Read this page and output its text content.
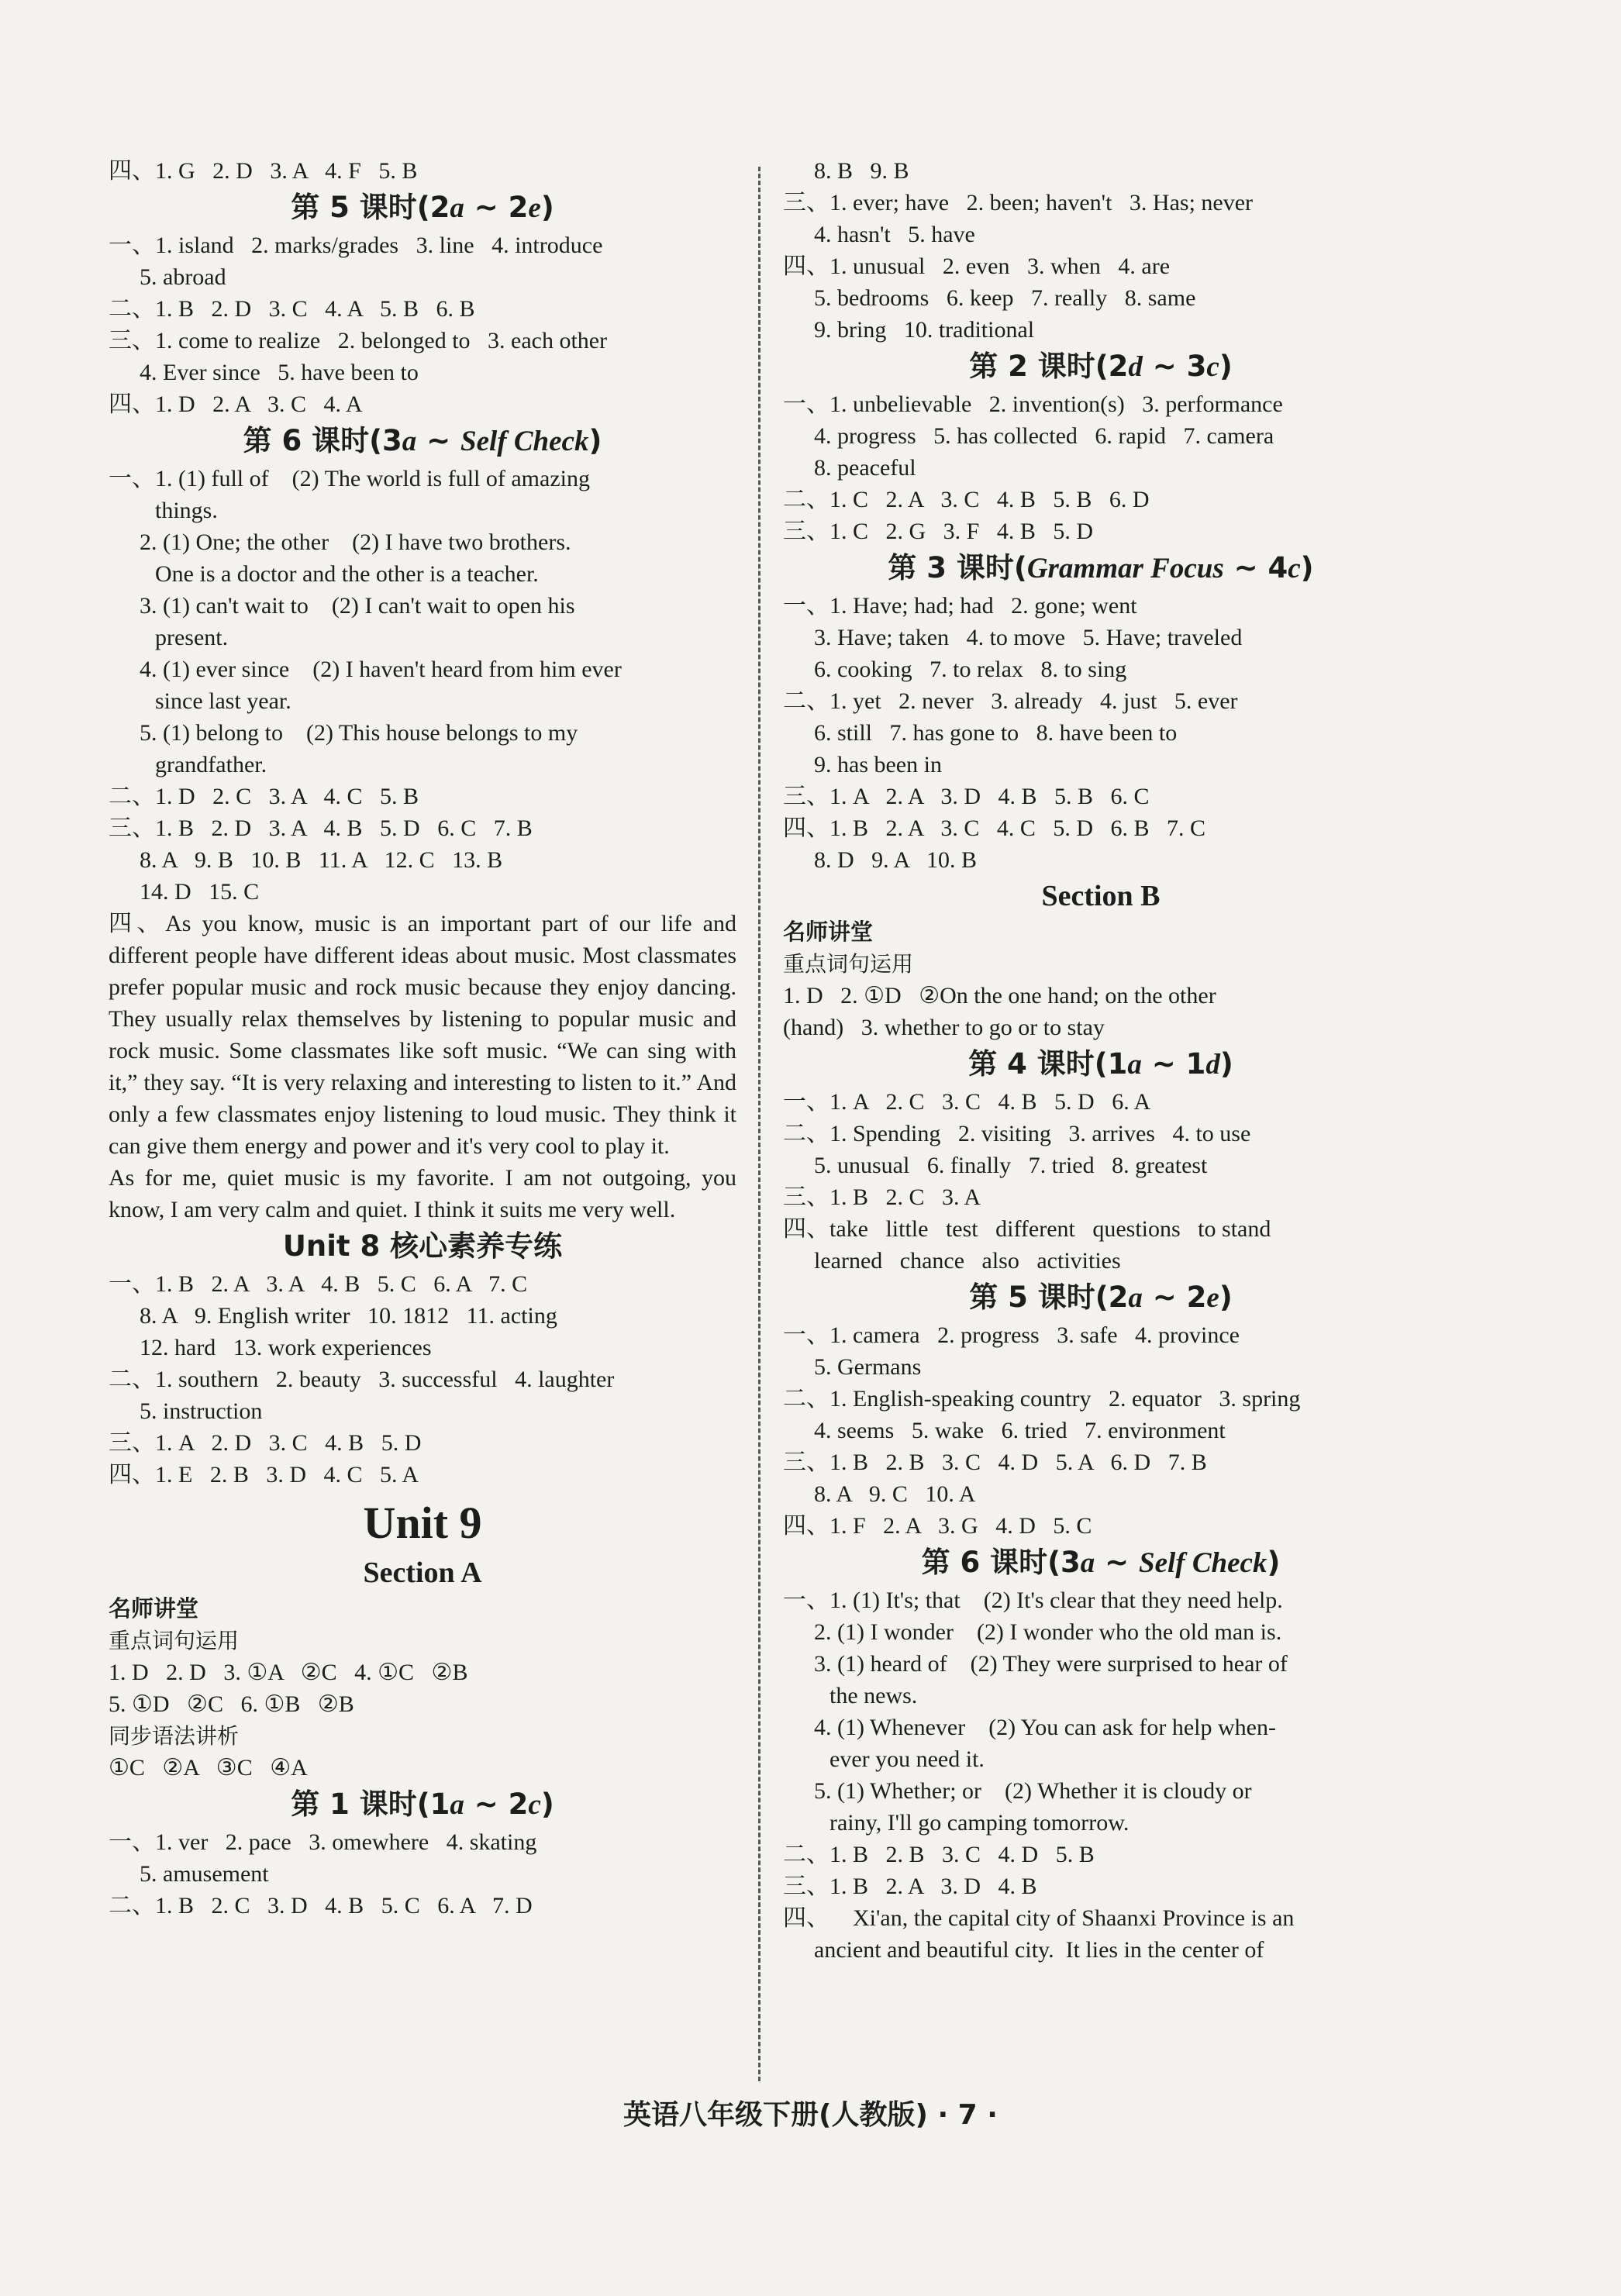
四、1. G   2. D   3. A   4. F   5. B
第 5 课时(2a ~ 2e)
一、1. island   2. marks/grades   3. line   4. introduce
5. abroad
二、1. B   2. D   3. C   4. A   5. B   6. B
三、1. come to realize   2. belonged to   3. each other
4. Ever since   5. have been to
四、1. D   2. A   3. C   4. A
第 6 课时(3a ~ Self Check)
一、1. (1) full of    (2) The world is full of amazing
things.
2. (1) One; the other    (2) I have two brothers.
One is a doctor and the other is a teacher.
3. (1) can't wait to    (2) I can't wait to open his
present.
4. (1) ever since    (2) I haven't heard from him ever
since last year.
5. (1) belong to    (2) This house belongs to my
grandfather.
二、1. D   2. C   3. A   4. C   5. B
三、1. B   2. D   3. A   4. B   5. D   6. C   7. B
8. A   9. B   10. B   11. A   12. C   13. B
14. D   15. C
四、As you know, music is an important part of our life and different people have different ideas about music. Most classmates prefer popular music and rock music because they enjoy dancing. They usually relax themselves by listening to popular music and rock music. Some classmates like soft music. “We can sing with it,” they say. “It is very relaxing and interesting to listen to it.” And only a few classmates enjoy listening to loud music. They think it can give them energy and power and it's very cool to play it.
As for me, quiet music is my favorite. I am not outgoing, you know, I am very calm and quiet. I think it suits me very well.
Unit 8 核心素养专练
一、1. B   2. A   3. A   4. B   5. C   6. A   7. C
8. A   9. English writer   10. 1812   11. acting
12. hard   13. work experiences
二、1. southern   2. beauty   3. successful   4. laughter
5. instruction
三、1. A   2. D   3. C   4. B   5. D
四、1. E   2. B   3. D   4. C   5. A
Unit 9
Section A
名师讲堂
重点词句运用
1. D   2. D   3. ①A   ②C   4. ①C   ②B
5. ①D   ②C   6. ①B   ②B
同步语法讲析
①C   ②A   ③C   ④A
第 1 课时(1a ~ 2c)
一、1. ver   2. pace   3. omewhere   4. skating
5. amusement
二、1. B   2. C   3. D   4. B   5. C   6. A   7. D
8. B   9. B
三、1. ever; have   2. been; haven't   3. Has; never
4. hasn't   5. have
四、1. unusual   2. even   3. when   4. are
5. bedrooms   6. keep   7. really   8. same
9. bring   10. traditional
第 2 课时(2d ~ 3c)
一、1. unbelievable   2. invention(s)   3. performance
4. progress   5. has collected   6. rapid   7. camera
8. peaceful
二、1. C   2. A   3. C   4. B   5. B   6. D
三、1. C   2. G   3. F   4. B   5. D
第 3 课时(Grammar Focus ~ 4c)
一、1. Have; had; had   2. gone; went
3. Have; taken   4. to move   5. Have; traveled
6. cooking   7. to relax   8. to sing
二、1. yet   2. never   3. already   4. just   5. ever
6. still   7. has gone to   8. have been to
9. has been in
三、1. A   2. A   3. D   4. B   5. B   6. C
四、1. B   2. A   3. C   4. C   5. D   6. B   7. C
8. D   9. A   10. B
Section B
名师讲堂
重点词句运用
1. D   2. ①D   ②On the one hand; on the other
(hand)   3. whether to go or to stay
第 4 课时(1a ~ 1d)
一、1. A   2. C   3. C   4. B   5. D   6. A
二、1. Spending   2. visiting   3. arrives   4. to use
5. unusual   6. finally   7. tried   8. greatest
三、1. B   2. C   3. A
四、take   little   test   different   questions   to stand
learned   chance   also   activities
第 5 课时(2a ~ 2e)
一、1. camera   2. progress   3. safe   4. province
5. Germans
二、1. English-speaking country   2. equator   3. spring
4. seems   5. wake   6. tried   7. environment
三、1. B   2. B   3. C   4. D   5. A   6. D   7. B
8. A   9. C   10. A
四、1. F   2. A   3. G   4. D   5. C
第 6 课时(3a ~ Self Check)
一、1. (1) It's; that    (2) It's clear that they need help.
2. (1) I wonder    (2) I wonder who the old man is.
3. (1) heard of    (2) They were surprised to hear of
the news.
4. (1) Whenever    (2) You can ask for help when-
ever you need it.
5. (1) Whether; or    (2) Whether it is cloudy or
rainy, I'll go camping tomorrow.
二、1. B   2. B   3. C   4. D   5. B
三、1. B   2. A   3. D   4. B
四、    Xi'an, the capital city of Shaanxi Province is an
ancient and beautiful city.  It lies in the center of
英语八年级下册(人教版) · 7 ·
